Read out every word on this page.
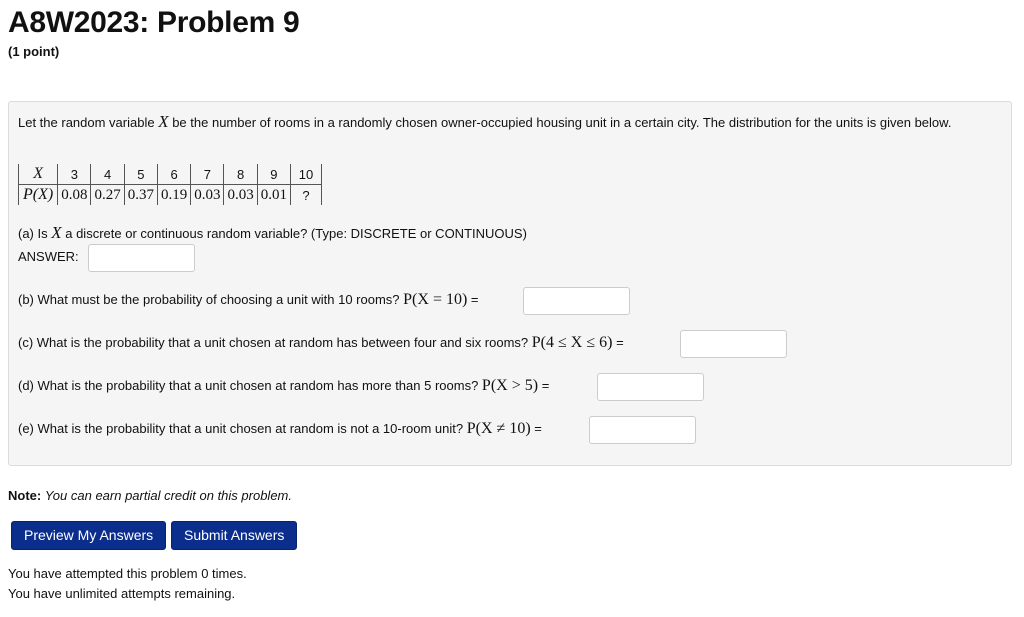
A8W2023: Problem 9
(1 point)
Let the random variable X be the number of rooms in a randomly chosen owner-occupied housing unit in a certain city. The distribution for the units is given below.
X	3	4	5	6	7	8	9	10
P(X)	0.08	0.27	0.37	0.19	0.03	0.03	0.01	?
(a) Is X a discrete or continuous random variable? (Type: DISCRETE or CONTINUOUS)
ANSWER:
(b) What must be the probability of choosing a unit with 10 rooms? P(X = 10) =
(c) What is the probability that a unit chosen at random has between four and six rooms? P(4 ≤ X ≤ 6) =
(d) What is the probability that a unit chosen at random has more than 5 rooms? P(X > 5) =
(e) What is the probability that a unit chosen at random is not a 10-room unit? P(X ≠ 10) =
Note: You can earn partial credit on this problem.
Preview My Answers	Submit Answers
You have attempted this problem 0 times.
You have unlimited attempts remaining.
